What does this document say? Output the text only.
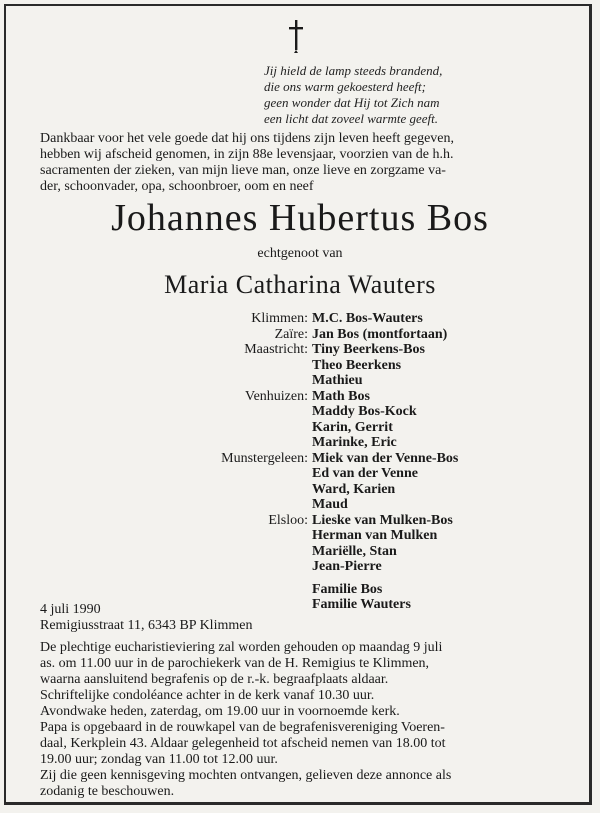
Jij hield de lamp steeds brandend,
die ons warm gekoesterd heeft;
geen wonder dat Hij tot Zich nam
een licht dat zoveel warmte geeft.
Dankbaar voor het vele goede dat hij ons tijdens zijn leven heeft gegeven,
hebben wij afscheid genomen, in zijn 88e levensjaar, voorzien van de h.h.
sacramenten der zieken, van mijn lieve man, onze lieve en zorgzame va-
der, schoonvader, opa, schoonbroer, oom en neef
Johannes Hubertus Bos
echtgenoot van
Maria Catharina Wauters
Klimmen: M.C. Bos-Wauters
Zaïre: Jan Bos (montfortaan)
Maastricht: Tiny Beerkens-Bos
Theo Beerkens
Mathieu
Venhuizen: Math Bos
Maddy Bos-Kock
Karin, Gerrit
Marinke, Eric
Munstergeleen: Miek van der Venne-Bos
Ed van der Venne
Ward, Karien
Maud
Elsloo: Lieske van Mulken-Bos
Herman van Mulken
Mariëlle, Stan
Jean-Pierre
Familie Bos
Familie Wauters
4 juli 1990
Remigiusstraat 11, 6343 BP Klimmen
De plechtige eucharistieviering zal worden gehouden op maandag 9 juli
as. om 11.00 uur in de parochiekerk van de H. Remigius te Klimmen,
waarna aansluitend begrafenis op de r.-k. begraafplaats aldaar.
Schriftelijke condoléance achter in de kerk vanaf 10.30 uur.
Avondwake heden, zaterdag, om 19.00 uur in voornoemde kerk.
Papa is opgebaard in de rouwkapel van de begrafenisvereniging Voeren-
daal, Kerkplein 43. Aldaar gelegenheid tot afscheid nemen van 18.00 tot
19.00 uur; zondag van 11.00 tot 12.00 uur.
Zij die geen kennisgeving mochten ontvangen, gelieven deze annonce als
zodanig te beschouwen.
